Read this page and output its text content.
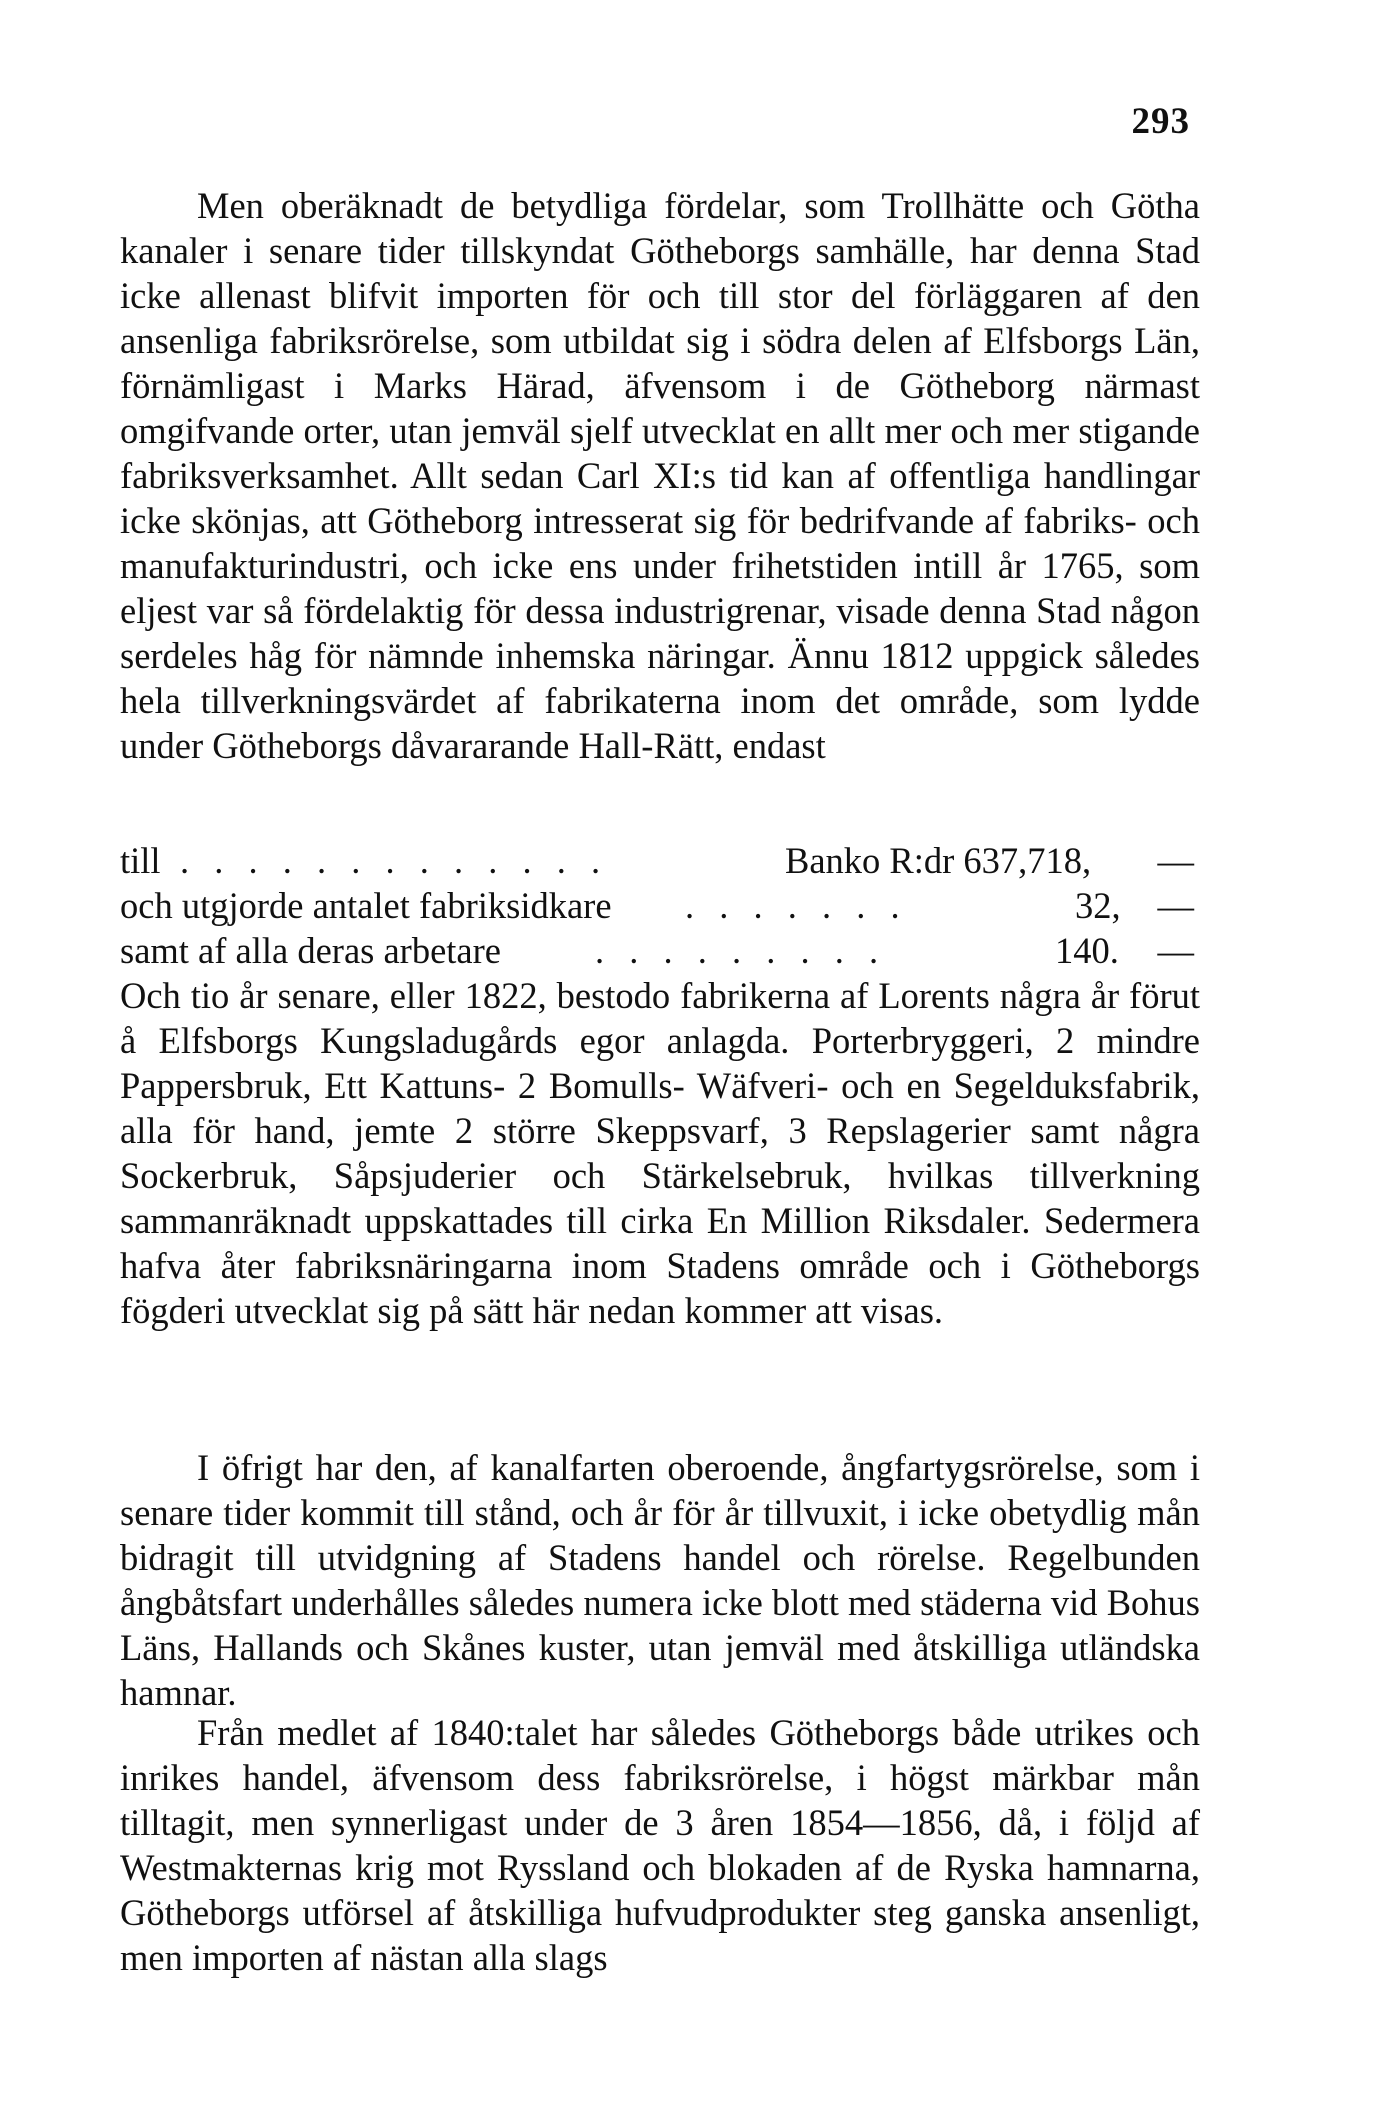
293

Men oberäknadt de betydliga fördelar, som Trollhätte och Götha kanaler i senare tider tillskyndat Götheborgs samhälle, har denna Stad icke allenast blifvit importen för och till stor del förläggaren af den ansenliga fabriksrörelse, som utbildat sig i södra delen af Elfsborgs Län, förnämligast i Marks Härad, äfvensom i de Götheborg närmast omgifvande orter, utan jemväl sjelf utvecklat en allt mer och mer stigande fabriksverksamhet. Allt sedan Carl XI:s tid kan af offentliga handlingar icke skönjas, att Götheborg intresserat sig för bedrifvande af fabriks- och manufakturindustri, och icke ens under frihetstiden intill år 1765, som eljest var så fördelaktig för dessa industrigrenar, visade denna Stad någon serdeles håg för nämnde inhemska näringar. Ännu 1812 uppgick således hela tillverkningsvärdet af fabrikaterna inom det område, som lydde under Götheborgs dåvararande Hall-Rätt, endast

till . . . . . . . . . . . . .	Banko R:dr 637,718, —
och utgjorde antalet fabriksidkare . . . . . . .	32, —
samt af alla deras arbetare	. . . . . . . . .	140. —

Och tio år senare, eller 1822, bestodo fabrikerna af Lorents några år förut å Elfsborgs Kungsladugårds egor anlagda. Porterbryggeri, 2 mindre Pappersbruk, Ett Kattuns- 2 Bomulls- Wäfveri- och en Segelduksfabrik, alla för hand, jemte 2 större Skeppsvarf, 3 Repslagerier samt några Sockerbruk, Såpsjuderier och Stärkelsebruk, hvilkas tillverkning sammanräknadt uppskattades till cirka En Million Riksdaler. Sedermera hafva åter fabriksnäringarna inom Stadens område och i Götheborgs fögderi utvecklat sig på sätt här nedan kommer att visas.

I öfrigt har den, af kanalfarten oberoende, ångfartygsrörelse, som i senare tider kommit till stånd, och år för år tillvuxit, i icke obetydlig mån bidragit till utvidgning af Stadens handel och rörelse. Regelbunden ångbåtsfart underhålles således numera icke blott med städerna vid Bohus Läns, Hallands och Skånes kuster, utan jemväl med åtskilliga utländska hamnar.

Från medlet af 1840:talet har således Götheborgs både utrikes och inrikes handel, äfvensom dess fabriksrörelse, i högst märkbar mån tilltagit, men synnerligast under de 3 åren 1854—1856, då, i följd af Westmakternas krig mot Ryssland och blokaden af de Ryska hamnarna, Götheborgs utförsel af åtskilliga hufvudprodukter steg ganska ansenligt, men importen af nästan alla slags
